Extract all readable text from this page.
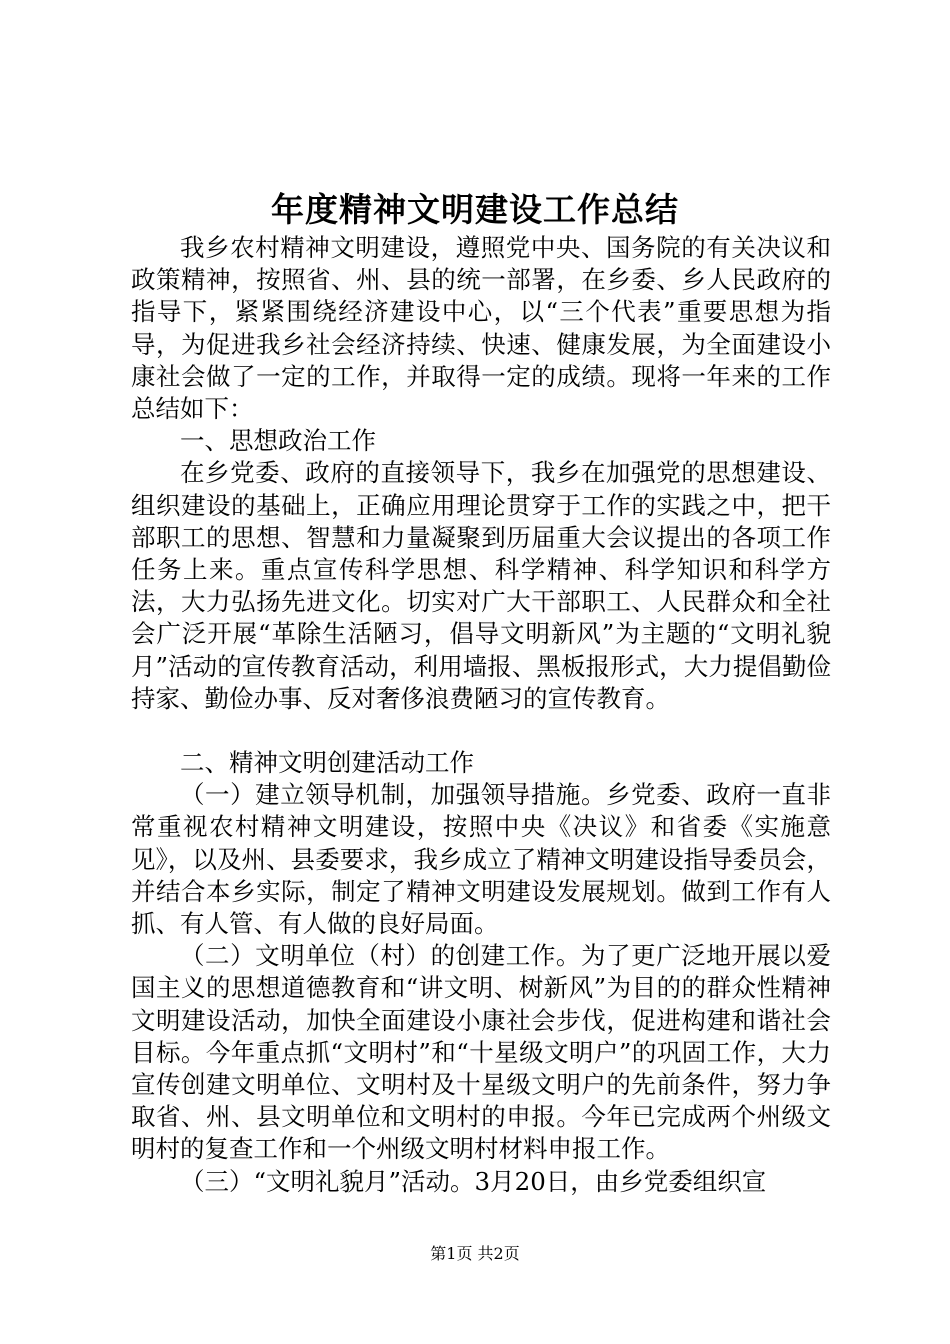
年度精神文明建设工作总结

我乡农村精神文明建设，遵照党中央、国务院的有关决议和政策精神，按照省、州、县的统一部署，在乡委、乡人民政府的指导下，紧紧围绕经济建设中心，以“三个代表”重要思想为指导，为促进我乡社会经济持续、快速、健康发展，为全面建设小康社会做了一定的工作，并取得一定的成绩。现将一年来的工作总结如下：

一、思想政治工作

在乡党委、政府的直接领导下，我乡在加强党的思想建设、组织建设的基础上，正确应用理论贯穿于工作的实践之中，把干部职工的思想、智慧和力量凝聚到历届重大会议提出的各项工作任务上来。重点宣传科学思想、科学精神、科学知识和科学方法，大力弘扬先进文化。切实对广大干部职工、人民群众和全社会广泛开展“革除生活陋习，倡导文明新风”为主题的“文明礼貌月”活动的宣传教育活动，利用墙报、黑板报形式，大力提倡勤俭持家、勤俭办事、反对奢侈浪费陋习的宣传教育。

二、精神文明创建活动工作

（一）建立领导机制，加强领导措施。乡党委、政府一直非常重视农村精神文明建设，按照中央《决议》和省委《实施意见》，以及州、县委要求，我乡成立了精神文明建设指导委员会，并结合本乡实际，制定了精神文明建设发展规划。做到工作有人抓、有人管、有人做的良好局面。

（二）文明单位（村）的创建工作。为了更广泛地开展以爱国主义的思想道德教育和“讲文明、树新风”为目的的群众性精神文明建设活动，加快全面建设小康社会步伐，促进构建和谐社会目标。今年重点抓“文明村”和“十星级文明户”的巩固工作，大力宣传创建文明单位、文明村及十星级文明户的先前条件，努力争取省、州、县文明单位和文明村的申报。今年已完成两个州级文明村的复查工作和一个州级文明村材料申报工作。

（三）“文明礼貌月”活动。3月20日，由乡党委组织宣

第1页 共2页
